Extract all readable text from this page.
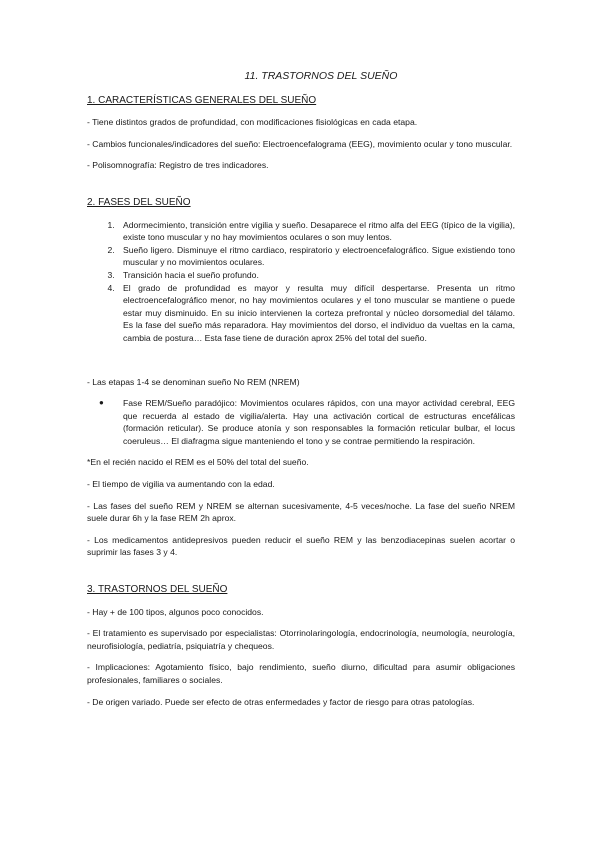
11. TRASTORNOS DEL SUEÑO
1. CARACTERÍSTICAS GENERALES DEL SUEÑO

- Tiene distintos grados de profundidad, con modificaciones fisiológicas en cada etapa.

- Cambios funcionales/indicadores del sueño: Electroencefalograma (EEG), movimiento ocular y tono muscular.

- Polisomnografía: Registro de tres indicadores.

2. FASES DEL SUEÑO
1. Adormecimiento, transición entre vigilia y sueño. Desaparece el ritmo alfa del EEG (típico de la vigilia), existe tono muscular y no hay movimientos oculares o son muy lentos.
2. Sueño ligero. Disminuye el ritmo cardiaco, respiratorio y electroencefalográfico. Sigue existiendo tono muscular y no movimientos oculares.
3. Transición hacia el sueño profundo.
4. El grado de profundidad es mayor y resulta muy difícil despertarse. Presenta un ritmo electroencefalográfico menor, no hay movimientos oculares y el tono muscular se mantiene o puede estar muy disminuido. En su inicio intervienen la corteza prefrontal y núcleo dorsomedial del tálamo. Es la fase del sueño más reparadora. Hay movimientos del dorso, el individuo da vueltas en la cama, cambia de postura… Esta fase tiene de duración aprox 25% del total del sueño.

- Las etapas 1-4 se denominan sueño No REM (NREM)

● Fase REM/Sueño paradójico: Movimientos oculares rápidos, con una mayor actividad cerebral, EEG que recuerda al estado de vigilia/alerta. Hay una activación cortical de estructuras encefálicas (formación reticular). Se produce atonía y son responsables la formación reticular bulbar, el locus coeruleus… El diafragma sigue manteniendo el tono y se contrae permitiendo la respiración.

*En el recién nacido el REM es el 50% del total del sueño.

- El tiempo de vigilia va aumentando con la edad.

- Las fases del sueño REM y NREM se alternan sucesivamente, 4-5 veces/noche. La fase del sueño NREM suele durar 6h y la fase REM 2h aprox.

- Los medicamentos antidepresivos pueden reducir el sueño REM y las benzodiacepinas suelen acortar o suprimir las fases 3 y 4.

3. TRASTORNOS DEL SUEÑO

- Hay + de 100 tipos, algunos poco conocidos.

- El tratamiento es supervisado por especialistas: Otorrinolaringología, endocrinología, neumología, neurología, neurofisiología, pediatría, psiquiatría y chequeos.

- Implicaciones: Agotamiento físico, bajo rendimiento, sueño diurno, dificultad para asumir obligaciones profesionales, familiares o sociales.

- De origen variado. Puede ser efecto de otras enfermedades y factor de riesgo para otras patologías.
